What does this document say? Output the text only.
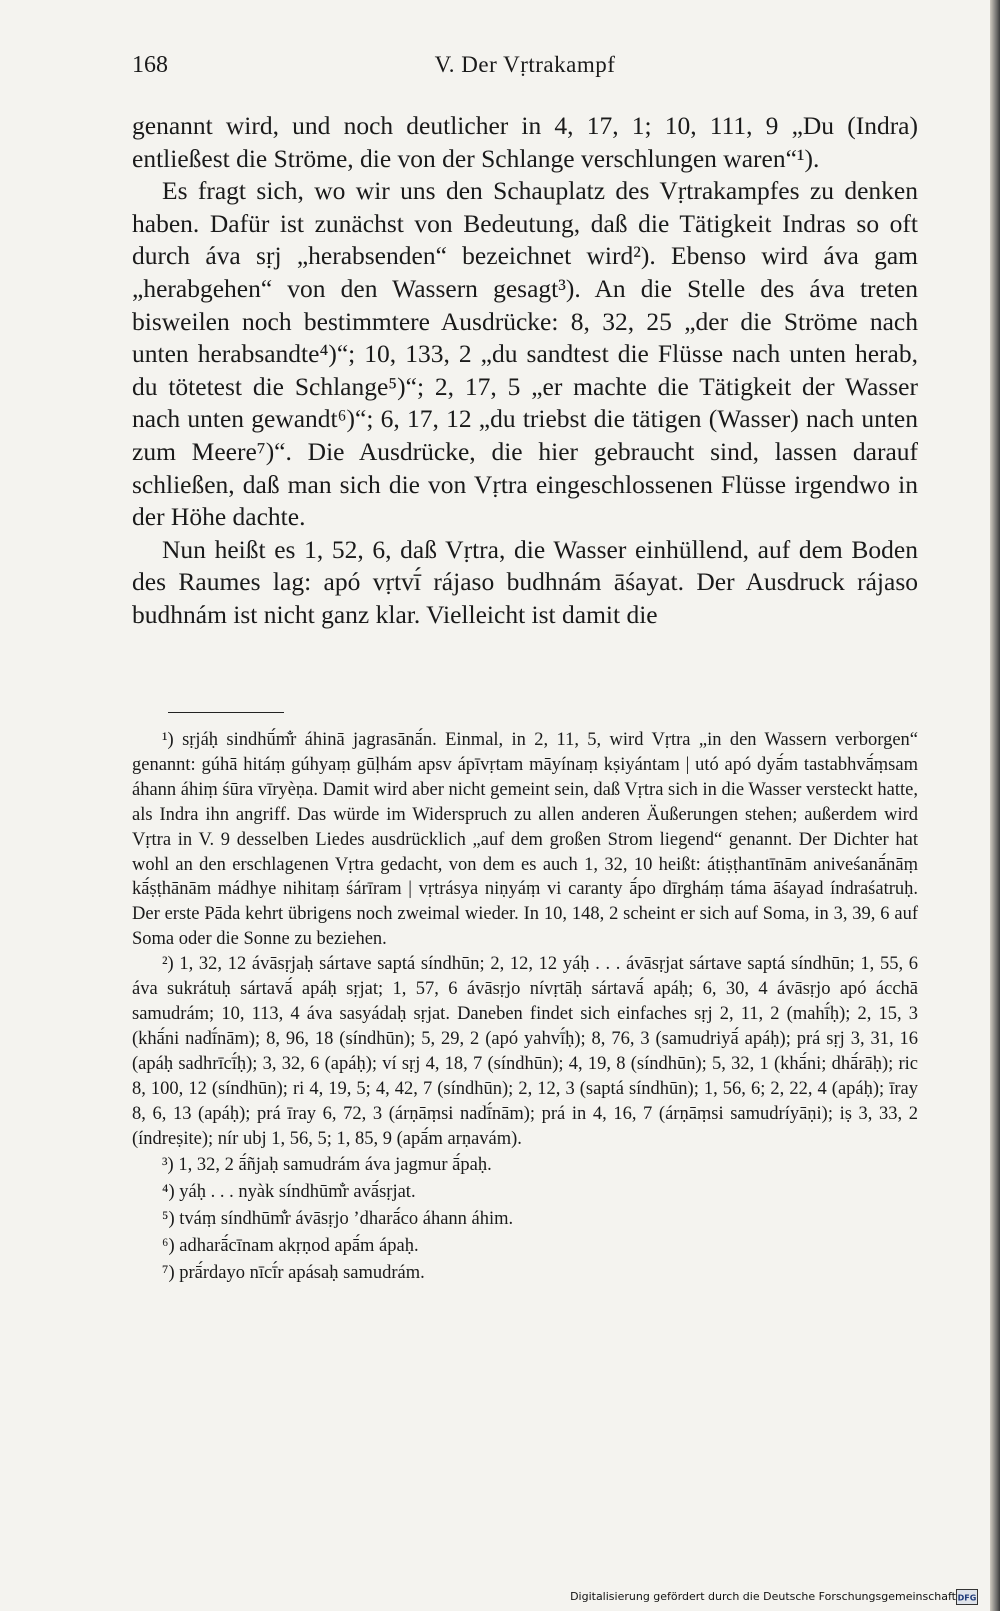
168	V. Der Vṛtrakampf

genannt wird, und noch deutlicher in 4, 17, 1; 10, 111, 9 „Du (Indra) entließest die Ströme, die von der Schlange verschlungen waren“¹).

Es fragt sich, wo wir uns den Schauplatz des Vṛtrakampfes zu denken haben. Dafür ist zunächst von Bedeutung, daß die Tätigkeit Indras so oft durch áva sṛj „herabsenden“ bezeichnet wird²). Ebenso wird áva gam „herabgehen“ von den Wassern gesagt³). An die Stelle des áva treten bisweilen noch bestimmtere Ausdrücke: 8, 32, 25 „der die Ströme nach unten herabsandte⁴)“; 10, 133, 2 „du sandtest die Flüsse nach unten herab, du tötetest die Schlange⁵)“; 2, 17, 5 „er machte die Tätigkeit der Wasser nach unten gewandt⁶)“; 6, 17, 12 „du triebst die tätigen (Wasser) nach unten zum Meere⁷)“. Die Ausdrücke, die hier gebraucht sind, lassen darauf schließen, daß man sich die von Vṛtra eingeschlossenen Flüsse irgendwo in der Höhe dachte.

Nun heißt es 1, 52, 6, daß Vṛtra, die Wasser einhüllend, auf dem Boden des Raumes lag: apó vṛtvī́ rájaso budhnám āśayat. Der Ausdruck rájaso budhnám ist nicht ganz klar. Vielleicht ist damit die

¹) sṛjáḥ sindhū́m̐r áhinā jagrasānā́n. Einmal, in 2, 11, 5, wird Vṛtra „in den Wassern verborgen“ genannt: gúhā hitáṃ gúhyaṃ gūḷhám apsv ápīvṛtam māyínaṃ kṣiyántam | utó apó dyā́m tastabhvā́ṃsam áhann áhiṃ śūra vīryèṇa. Damit wird aber nicht gemeint sein, daß Vṛtra sich in die Wasser versteckt hatte, als Indra ihn angriff. Das würde im Widerspruch zu allen anderen Äußerungen stehen; außerdem wird Vṛtra in V. 9 desselben Liedes ausdrücklich „auf dem großen Strom liegend“ genannt. Der Dichter hat wohl an den erschlagenen Vṛtra gedacht, von dem es auch 1, 32, 10 heißt: átiṣṭhantīnām aniveśanā́nāṃ kā́ṣṭhānām mádhye nihitaṃ śárīram | vṛtrásya niṇyáṃ vi caranty ā́po dīrgháṃ táma āśayad índraśatruḥ. Der erste Pāda kehrt übrigens noch zweimal wieder. In 10, 148, 2 scheint er sich auf Soma, in 3, 39, 6 auf Soma oder die Sonne zu beziehen.

²) 1, 32, 12 ávāsṛjaḥ sártave saptá síndhūn; 2, 12, 12 yáḥ . . . ávāsṛjat sártave saptá síndhūn; 1, 55, 6 áva sukrátuḥ sártavā́ apáḥ sṛjat; 1, 57, 6 ávāsṛjo nívṛtāḥ sártavā́ apáḥ; 6, 30, 4 ávāsṛjo apó ácchā samudrám; 10, 113, 4 áva sasyádaḥ sṛjat. Daneben findet sich einfaches sṛj 2, 11, 2 (mahī́ḥ); 2, 15, 3 (khā́ni nadī́nām); 8, 96, 18 (síndhūn); 5, 29, 2 (apó yahvī́ḥ); 8, 76, 3 (samudriyā́ apáḥ); prá sṛj 3, 31, 16 (apáḥ sadhrīcī́ḥ); 3, 32, 6 (apáḥ); ví sṛj 4, 18, 7 (síndhūn); 4, 19, 8 (síndhūn); 5, 32, 1 (khā́ni; dhā́rāḥ); ric 8, 100, 12 (síndhūn); ri 4, 19, 5; 4, 42, 7 (síndhūn); 2, 12, 3 (saptá síndhūn); 1, 56, 6; 2, 22, 4 (apáḥ); īray 8, 6, 13 (apáḥ); prá īray 6, 72, 3 (árṇāṃsi nadī́nām); prá in 4, 16, 7 (árṇāṃsi samudríyāṇi); iṣ 3, 33, 2 (índreṣite); nír ubj 1, 56, 5; 1, 85, 9 (apā́m arṇavám).

³) 1, 32, 2 ā́ñjaḥ samudrám áva jagmur ā́paḥ.

⁴) yáḥ . . . nyàk síndhūm̐r avā́sṛjat.

⁵) tváṃ síndhūm̐r ávāsṛjo ’dharā́co áhann áhim.

⁶) adharā́cīnam akṛṇod apā́m ápaḥ.

⁷) prā́rdayo nīcī́r apásaḥ samudrám.

Digitalisierung gefördert durch die Deutsche Forschungsgemeinschaft DFG
